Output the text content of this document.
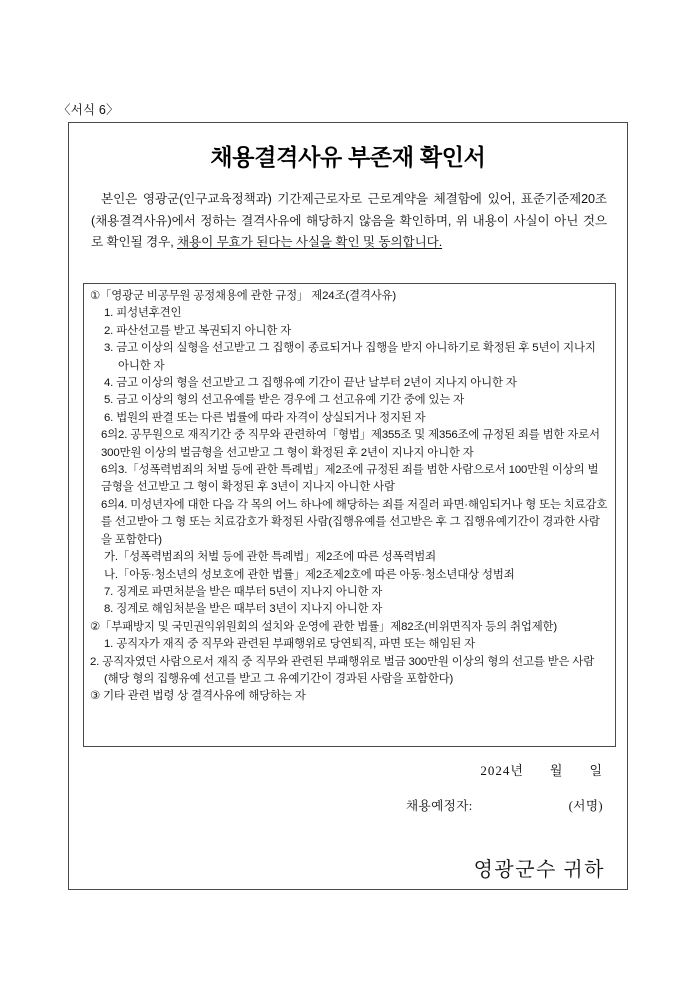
〈서식 6〉
채용결격사유 부존재 확인서
본인은 영광군(인구교육정책과) 기간제근로자로 근로계약을 체결함에 있어, 표준기준제20조(채용결격사유)에서 정하는 결격사유에 해당하지 않음을 확인하며, 위 내용이 사실이 아닌 것으로 확인될 경우, 채용이 무효가 된다는 사실을 확인 및 동의합니다.
①「영광군 비공무원 공정채용에 관한 규정」 제24조(결격사유)
1. 피성년후견인
2. 파산선고를 받고 복권되지 아니한 자
3. 금고 이상의 실형을 선고받고 그 집행이 종료되거나 집행을 받지 아니하기로 확정된 후 5년이 지나지 아니한 자
4. 금고 이상의 형을 선고받고 그 집행유예 기간이 끝난 날부터 2년이 지나지 아니한 자
5. 금고 이상의 형의 선고유예를 받은 경우에 그 선고유예 기간 중에 있는 자
6. 법원의 판결 또는 다른 법률에 따라 자격이 상실되거나 정지된 자
6의2. 공무원으로 재직기간 중 직무와 관련하여「형법」제355조 및 제356조에 규정된 죄를 범한 자로서 300만원 이상의 벌금형을 선고받고 그 형이 확정된 후 2년이 지나지 아니한 자
6의3.「성폭력범죄의 처벌 등에 관한 특례법」제2조에 규정된 죄를 범한 사람으로서 100만원 이상의 벌금형을 선고받고 그 형이 확정된 후 3년이 지나지 아니한 사람
6의4. 미성년자에 대한 다음 각 목의 어느 하나에 해당하는 죄를 저질러 파면·해임되거나 형 또는 치료감호를 선고받아 그 형 또는 치료감호가 확정된 사람(집행유예를 선고받은 후 그 집행유예기간이 경과한 사람을 포함한다)
가.「성폭력범죄의 처벌 등에 관한 특례법」제2조에 따른 성폭력범죄
나.「아동·청소년의 성보호에 관한 법률」제2조제2호에 따른 아동·청소년대상 성범죄
7. 징계로 파면처분을 받은 때부터 5년이 지나지 아니한 자
8. 징계로 해임처분을 받은 때부터 3년이 지나지 아니한 자
②「부패방지 및 국민권익위원회의 설치와 운영에 관한 법률」제82조(비위면직자 등의 취업제한)
1. 공직자가 재직 중 직무와 관련된 부패행위로 당연퇴직, 파면 또는 해임된 자
2. 공직자였던 사람으로서 재직 중 직무와 관련된 부패행위로 벌금 300만원 이상의 형의 선고를 받은 사람(해당 형의 집행유예 선고를 받고 그 유예기간이 경과된 사람을 포함한다)
③ 기타 관련 법령 상 결격사유에 해당하는 자
2024년 월 일
채용예정자:	(서명)
영광군수 귀하
